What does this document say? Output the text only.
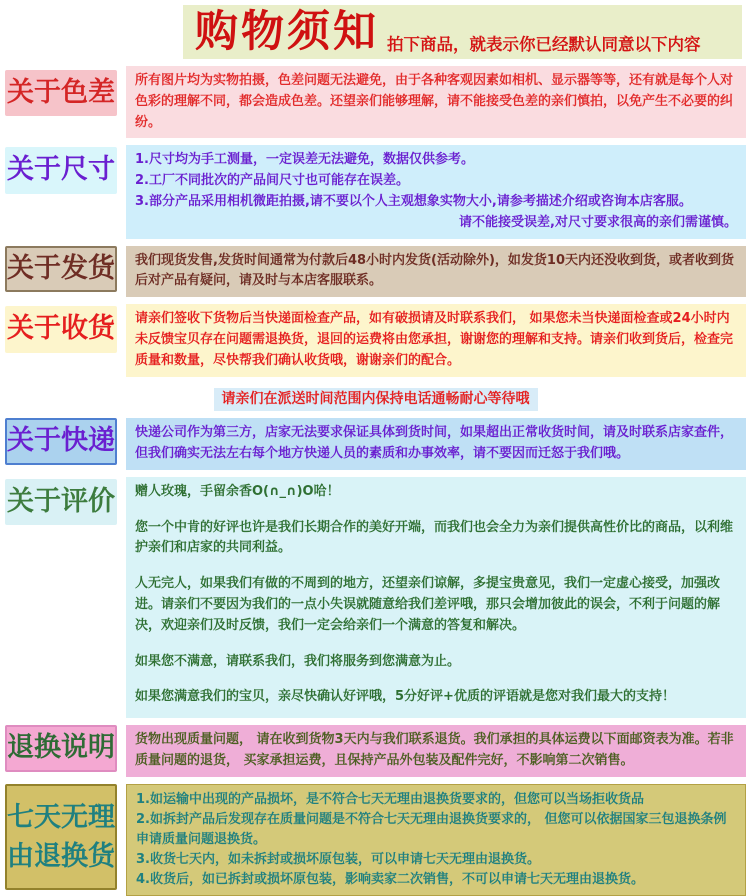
购物须知 拍下商品，就表示你已经默认同意以下内容
关于色差 所有图片均为实物拍摄，色差问题无法避免，由于各种客观因素如相机、显示器等等，还有就是每个人对色彩的理解不同，都会造成色差。还望亲们能够理解，请不能接受色差的亲们慎拍，以免产生不必要的纠纷。
关于尺寸 1.尺寸均为手工测量，一定误差无法避免，数据仅供参考。
2.工厂不同批次的产品间尺寸也可能存在误差。
3.部分产品采用相机微距拍摄,请不要以个人主观想象实物大小,请参考描述介绍或咨询本店客服。
请不能接受误差,对尺寸要求很高的亲们需谨慎。
关于发货 我们现货发售,发货时间通常为付款后48小时内发货(活动除外)，如发货10天内还没收到货，或者收到货后对产品有疑问，请及时与本店客服联系。
关于收货 请亲们签收下货物后当快递面检查产品，如有破损请及时联系我们， 如果您未当快递面检查或24小时内未反馈宝贝存在问题需退换货，退回的运费将由您承担，谢谢您的理解和支持。请亲们收到货后，检查完质量和数量，尽快帮我们确认收货哦，谢谢亲们的配合。
请亲们在派送时间范围内保持电话通畅耐心等待哦
关于快递 快递公司作为第三方，店家无法要求保证具体到货时间，如果超出正常收货时间，请及时联系店家查件，但我们确实无法左右每个地方快递人员的素质和办事效率，请不要因而迁怒于我们哦。
关于评价 赠人玫瑰，手留余香O(∩_∩)O哈！
您一个中肯的好评也许是我们长期合作的美好开端，而我们也会全力为亲们提供高性价比的商品，以利维护亲们和店家的共同利益。
人无完人，如果我们有做的不周到的地方，还望亲们谅解，多提宝贵意见，我们一定虚心接受，加强改进。请亲们不要因为我们的一点小失误就随意给我们差评哦，那只会增加彼此的误会，不利于问题的解决，欢迎亲们及时反馈，我们一定会给亲们一个满意的答复和解决。
如果您不满意，请联系我们，我们将服务到您满意为止。
如果您满意我们的宝贝，亲尽快确认好评哦，5分好评+优质的评语就是您对我们最大的支持！
退换说明 货物出现质量问题， 请在收到货物3天内与我们联系退货。我们承担的具体运费以下面邮资表为准。若非质量问题的退货， 买家承担运费，且保持产品外包装及配件完好，不影响第二次销售。
七天无理
由退换货
1.如运输中出现的产品损坏，是不符合七天无理由退换货要求的，但您可以当场拒收货品
2.如拆封产品后发现存在质量问题是不符合七天无理由退换货要求的， 但您可以依据国家三包退换条例申请质量问题退换货。
3.收货七天内，如未拆封或损坏原包装，可以申请七天无理由退换货。
4.收货后，如已拆封或损坏原包装，影响卖家二次销售，不可以申请七天无理由退换货。
